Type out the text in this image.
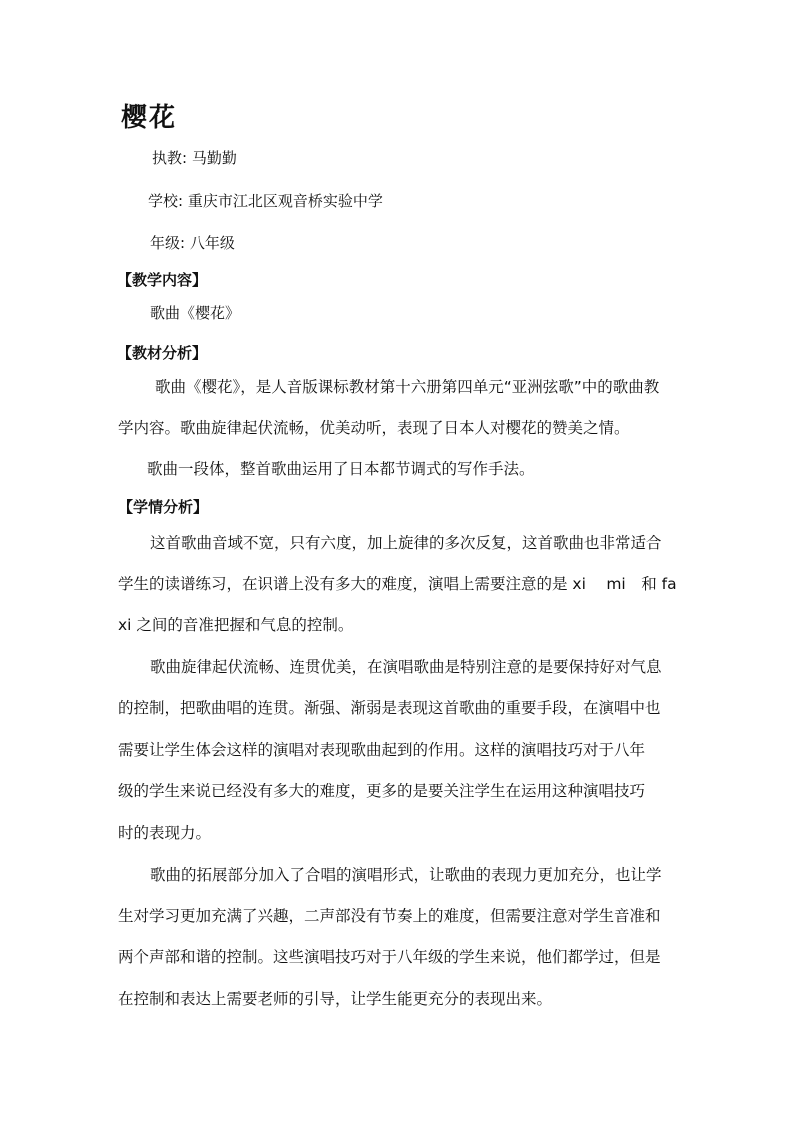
樱花
执教: 马勤勤
学校: 重庆市江北区观音桥实验中学
年级: 八年级
【教学内容】
歌曲《樱花》
【教材分析】
歌曲《樱花》，是人音版课标教材第十六册第四单元“亚洲弦歌”中的歌曲教
学内容。歌曲旋律起伏流畅，优美动听，表现了日本人对樱花的赞美之情。
歌曲一段体，整首歌曲运用了日本都节调式的写作手法。
【学情分析】
这首歌曲音域不宽，只有六度，加上旋律的多次反复，这首歌曲也非常适合
学生的读谱练习，在识谱上没有多大的难度，演唱上需要注意的是 xi　 mi　和 fa
xi 之间的音准把握和气息的控制。
歌曲旋律起伏流畅、连贯优美，在演唱歌曲是特别注意的是要保持好对气息
的控制，把歌曲唱的连贯。渐强、渐弱是表现这首歌曲的重要手段，在演唱中也
需要让学生体会这样的演唱对表现歌曲起到的作用。这样的演唱技巧对于八年
级的学生来说已经没有多大的难度，更多的是要关注学生在运用这种演唱技巧
时的表现力。
歌曲的拓展部分加入了合唱的演唱形式，让歌曲的表现力更加充分，也让学
生对学习更加充满了兴趣，二声部没有节奏上的难度，但需要注意对学生音准和
两个声部和谐的控制。这些演唱技巧对于八年级的学生来说，他们都学过，但是
在控制和表达上需要老师的引导，让学生能更充分的表现出来。
